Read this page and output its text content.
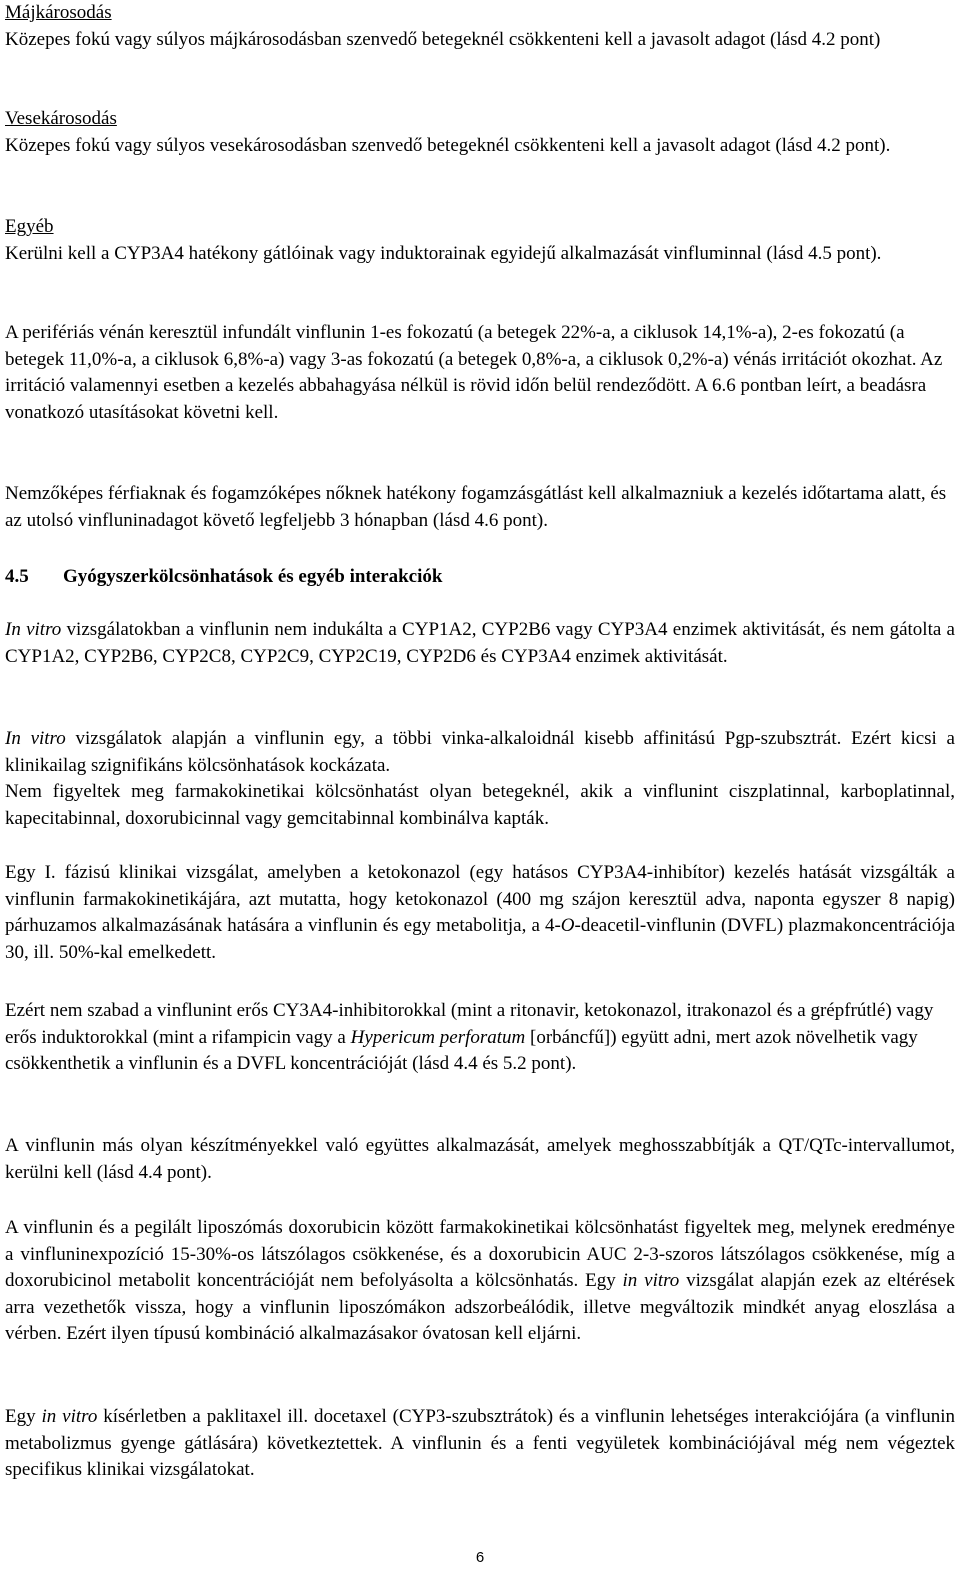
Májkárosodás

Közepes fokú vagy súlyos májkárosodásban szenvedő betegeknél csökkenteni kell a javasolt adagot (lásd 4.2 pont)

Vesekárosodás

Közepes fokú vagy súlyos vesekárosodásban szenvedő betegeknél csökkenteni kell a javasolt adagot (lásd 4.2 pont).

Egyéb

Kerülni kell a CYP3A4 hatékony gátlóinak vagy induktorainak egyidejű alkalmazását vinfluminnal (lásd 4.5 pont).

A perifériás vénán keresztül infundált vinflunin 1-es fokozatú (a betegek 22%-a, a ciklusok 14,1%-a), 2-es fokozatú (a betegek 11,0%-a, a ciklusok 6,8%-a) vagy 3-as fokozatú (a betegek 0,8%-a, a ciklusok 0,2%-a) vénás irritációt okozhat. Az irritáció valamennyi esetben a kezelés abbahagyása nélkül is rövid időn belül rendeződött. A 6.6 pontban leírt, a beadásra vonatkozó utasításokat követni kell.

Nemzőképes férfiaknak és fogamzóképes nőknek hatékony fogamzásgátlást kell alkalmazniuk a kezelés időtartama alatt, és az utolsó vinfluninadagot követő legfeljebb 3 hónapban (lásd 4.6 pont).

4.5 Gyógyszerkölcsönhatások és egyéb interakciók

In vitro vizsgálatokban a vinflunin nem indukálta a CYP1A2, CYP2B6 vagy CYP3A4 enzimek aktivitását, és nem gátolta a CYP1A2, CYP2B6, CYP2C8, CYP2C9, CYP2C19, CYP2D6 és CYP3A4 enzimek aktivitását.

In vitro vizsgálatok alapján a vinflunin egy, a többi vinka-alkaloidnál kisebb affinitású Pgp-szubsztrát. Ezért kicsi a klinikailag szignifikáns kölcsönhatások kockázata.

Nem figyeltek meg farmakokinetikai kölcsönhatást olyan betegeknél, akik a vinflunint ciszplatinnal, karboplatinnal, kapecitabinnal, doxorubicinnal vagy gemcitabinnal kombinálva kapták.

Egy I. fázisú klinikai vizsgálat, amelyben a ketokonazol (egy hatásos CYP3A4-inhibítor) kezelés hatását vizsgálták a vinflunin farmakokinetikájára, azt mutatta, hogy ketokonazol (400 mg szájon keresztül adva, naponta egyszer 8 napig) párhuzamos alkalmazásának hatására a vinflunin és egy metabolitja, a 4-O-deacetil-vinflunin (DVFL) plazmakoncentrációja 30, ill. 50%-kal emelkedett.

Ezért nem szabad a vinflunint erős CY3A4-inhibitorokkal (mint a ritonavir, ketokonazol, itrakonazol és a grépfrútlé) vagy erős induktorokkal (mint a rifampicin vagy a Hypericum perforatum [orbáncfű]) együtt adni, mert azok növelhetik vagy csökkenthetik a vinflunin és a DVFL koncentrációját (lásd 4.4 és 5.2 pont).

A vinflunin más olyan készítményekkel való együttes alkalmazását, amelyek meghosszabbítják a QT/QTc-intervallumot, kerülni kell (lásd 4.4 pont).

A vinflunin és a pegilált liposzómás doxorubicin között farmakokinetikai kölcsönhatást figyeltek meg, melynek eredménye a vinfluninexpozíció 15-30%-os látszólagos csökkenése, és a doxorubicin AUC 2-3-szoros látszólagos csökkenése, míg a doxorubicinol metabolit koncentrációját nem befolyásolta a kölcsönhatás. Egy in vitro vizsgálat alapján ezek az eltérések arra vezethetők vissza, hogy a vinflunin liposzómákon adszorbeálódik, illetve megváltozik mindkét anyag eloszlása a vérben. Ezért ilyen típusú kombináció alkalmazásakor óvatosan kell eljárni.

Egy in vitro kísérletben a paklitaxel ill. docetaxel (CYP3-szubsztrátok) és a vinflunin lehetséges interakciójára (a vinflunin metabolizmus gyenge gátlására) következtettek. A vinflunin és a fenti vegyületek kombinációjával még nem végeztek specifikus klinikai vizsgálatokat.

6
